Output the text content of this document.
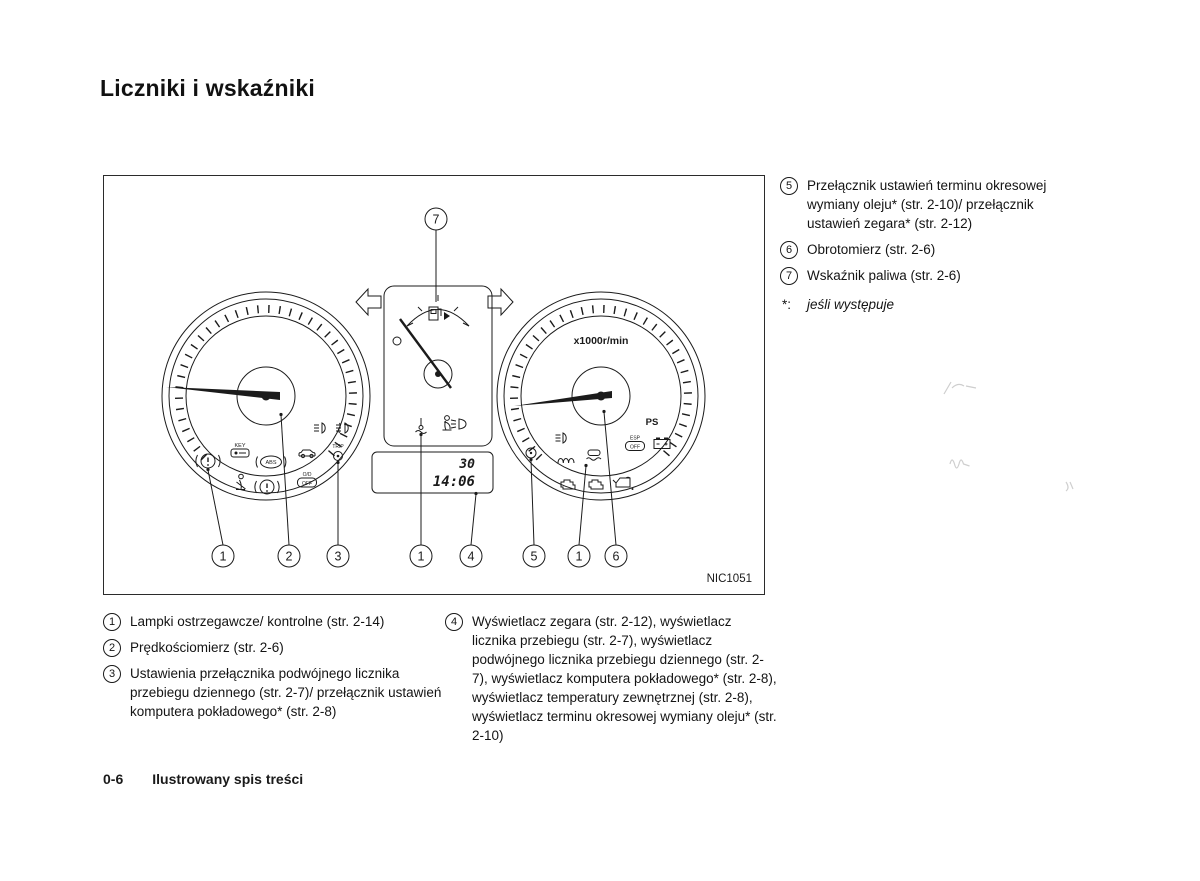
Liczniki i wskaźniki
7
KEY
ABS
O/D
OFF
TRIP
x1000r/min
PS
ESP
OFF
30
14:06
1	2	3	1	4	5	1 6
NIC1051
5	Przełącznik ustawień terminu okresowej wymiany oleju* (str. 2-10)/ przełącznik ustawień zegara* (str. 2-12)
6	Obrotomierz (str. 2-6)
7	Wskaźnik paliwa (str. 2-6)
*: jeśli występuje
1	Lampki ostrzegawcze/ kontrolne (str. 2-14)
2	Prędkościomierz (str. 2-6)
3	Ustawienia przełącznika podwójnego licznika przebiegu dziennego (str. 2-7)/ przełącznik ustawień komputera pokładowego* (str. 2-8)
4	Wyświetlacz zegara (str. 2-12), wyświetlacz licznika przebiegu (str. 2-7), wyświetlacz podwójnego licznika przebiegu dziennego (str. 2-7), wyświetlacz komputera pokładowego* (str. 2-8), wyświetlacz temperatury zewnętrznej (str. 2-8), wyświetlacz terminu okresowej wymiany oleju* (str. 2-10)
0-6 Ilustrowany spis treści
